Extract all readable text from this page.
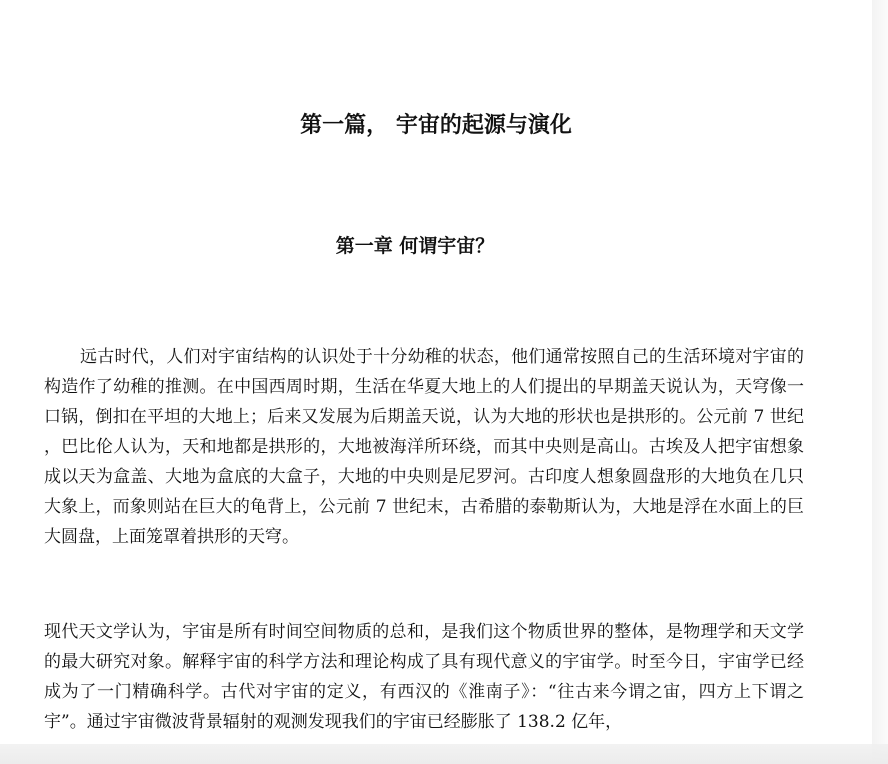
第一篇， 宇宙的起源与演化
第一章 何谓宇宙？

远古时代，人们对宇宙结构的认识处于十分幼稚的状态，他们通常按照自己的生活环境对宇宙的构造作了幼稚的推测。在中国西周时期，生活在华夏大地上的人们提出的早期盖天说认为，天穹像一口锅，倒扣在平坦的大地上；后来又发展为后期盖天说，认为大地的形状也是拱形的。公元前 7 世纪 ，巴比伦人认为，天和地都是拱形的，大地被海洋所环绕，而其中央则是高山。古埃及人把宇宙想象成以天为盒盖、大地为盒底的大盒子，大地的中央则是尼罗河。古印度人想象圆盘形的大地负在几只大象上，而象则站在巨大的龟背上，公元前 7 世纪末，古希腊的泰勒斯认为，大地是浮在水面上的巨大圆盘，上面笼罩着拱形的天穹。

现代天文学认为，宇宙是所有时间空间物质的总和，是我们这个物质世界的整体，是物理学和天文学的最大研究对象。解释宇宙的科学方法和理论构成了具有现代意义的宇宙学。时至今日，宇宙学已经成为了一门精确科学。古代对宇宙的定义，有西汉的《淮南子》：“往古来今谓之宙，四方上下谓之宇”。通过宇宙微波背景辐射的观测发现我们的宇宙已经膨胀了 138.2 亿年，
